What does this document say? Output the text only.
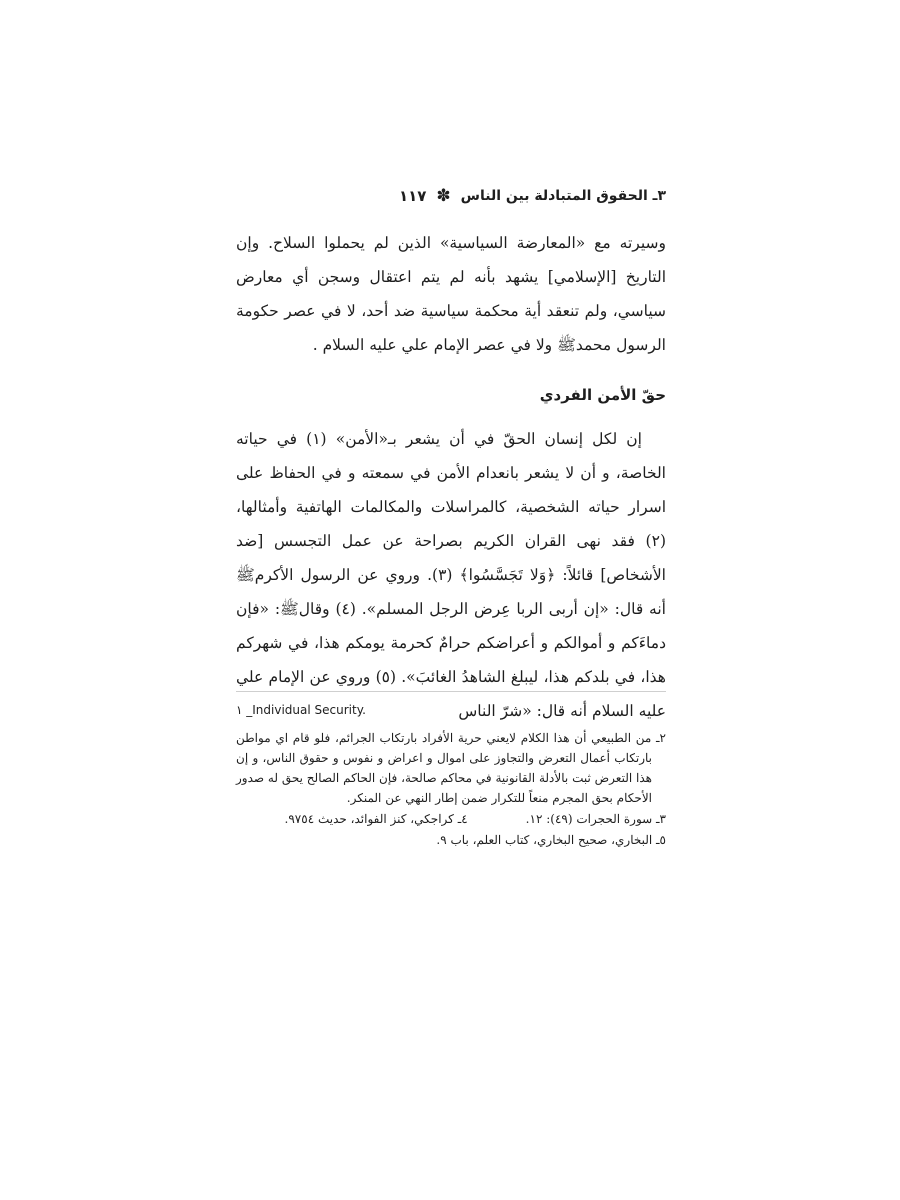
٣ـ الحقوق المتبادلة بين الناس
✽
١١٧
وسيرته مع «المعارضة السياسية» الذين لم يحملوا السلاح. وإن التاريخ [الإسلامي] يشهد بأنه لم يتم اعتقال وسجن أي معارض سياسي، ولم تنعقد أية محكمة سياسية ضد أحد، لا في عصر حكومة الرسول محمدﷺ ولا في عصر الإمام علي عليه السلام .
حقّ الأمن الفردي

إن لكل إنسان الحقّ في أن يشعر بـ«الأمن» (١) في حياته الخاصة، و أن لا يشعر بانعدام الأمن في سمعته و في الحفاظ على اسرار حياته الشخصية، كالمراسلات والمكالمات الهاتفية وأمثالها، (٢) فقد نهى القران الكريم بصراحة عن عمل التجسس [ضد الأشخاص] قائلاً: ﴿وَلا تَجَسَّسُوا﴾ (٣). وروي عن الرسول الأكرمﷺ أنه قال: «إن أربى الربا عِرض الرجل المسلم». (٤) وقالﷺ: «فإن دماءَكم و أموالكم و أعراضكم حرامٌ كحرمة يومكم هذا، في شهركم هذا، في بلدكم هذا، ليبلغ الشاهدُ الغائبَ». (٥) وروي عن الإمام علي عليه السلام أنه قال: «شرّ الناس

١ _Individual Security.
٢ـ من الطبيعي أن هذا الكلام لايعني حرية الأفراد بارتكاب الجرائم، فلو قام اي مواطن بارتكاب أعمال التعرض والتجاوز على اموال و اعراض و نفوس و حقوق الناس، و إن هذا التعرض ثبت بالأدلة القانونية في محاكم صالحة، فإن الحاكم الصالح يحق له صدور الأحكام بحق المجرم منعاً للتكرار ضمن إطار النهي عن المنكر.
٣ـ سورة الحجرات (٤٩): ١٢.
٤ـ كراجكي، كنز الفوائد، حديث ٩٧٥٤.
٥ـ البخاري، صحيح البخاري، كتاب العلم، باب ٩.
